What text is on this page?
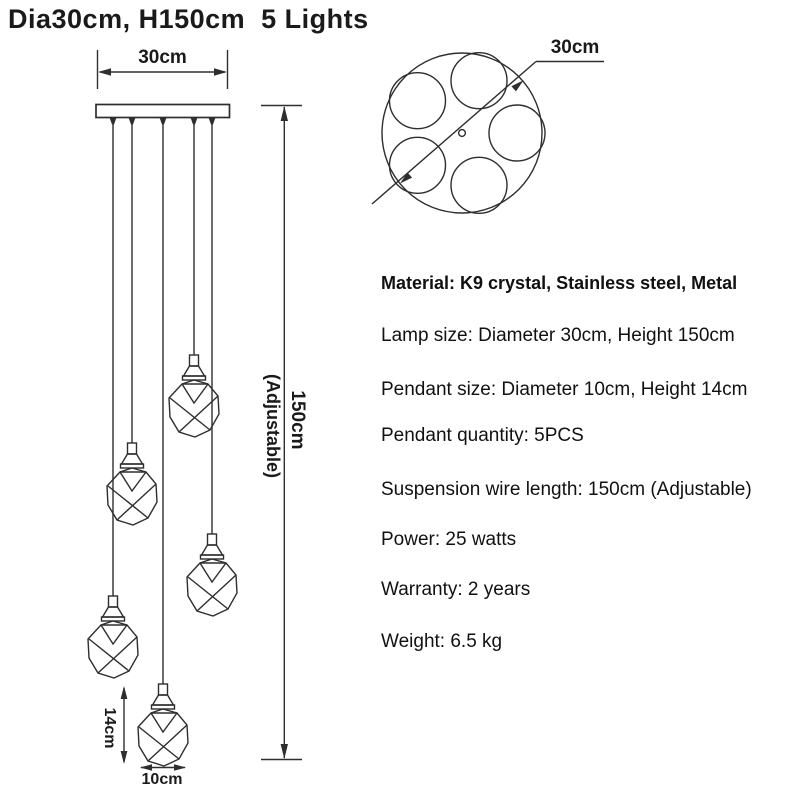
Dia30cm, H150cm  5 Lights
30cm
150cm
(Adjustable)
14cm
10cm
30cm
Material: K9 crystal, Stainless steel, Metal
Lamp size: Diameter 30cm, Height 150cm
Pendant size: Diameter 10cm, Height 14cm
Pendant quantity: 5PCS
Suspension wire length: 150cm (Adjustable)
Power: 25 watts
Warranty: 2 years
Weight: 6.5 kg
